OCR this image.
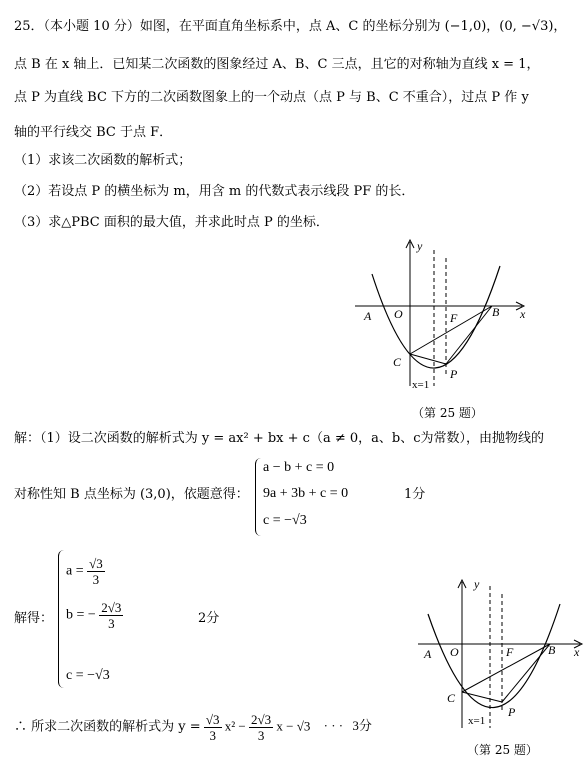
25．（本小题 10 分）如图，在平面直角坐标系中，点 A、C 的坐标分别为 (−1,0)，(0, −√3)，
点 B 在 x 轴上．已知某二次函数的图象经过 A、B、C 三点，且它的对称轴为直线 x = 1，
点 P 为直线 BC 下方的二次函数图象上的一个动点（点 P 与 B、C 不重合），过点 P 作 y
轴的平行线交 BC 于点 F．
（1）求该二次函数的解析式；
（2）若设点 P 的横坐标为 m，用含 m 的代数式表示线段 PF 的长．
（3）求△PBC 面积的最大值，并求此时点 P 的坐标．
y
x
A O	F	B
C
P
x=1
（第 25 题）
解：（1）设二次函数的解析式为 y = ax² + bx + c（a ≠ 0，a、b、c为常数），由抛物线的
对称性知 B 点坐标为 (3,0)，依题意得：
a − b + c = 0
9a + 3b + c = 0
c = −√3
1分
解得：
$a = \frac{√3}{3}$
b = − $\frac{2√3}{3}$
c = −√3
2分
y
x
A O	F	B
C
P
x=1
（第 25 题）
∴ 所求二次函数的解析式为 $y = \frac{√3}{3} x^2 - \frac{2√3}{3}$ x − √3 · · · 3分
